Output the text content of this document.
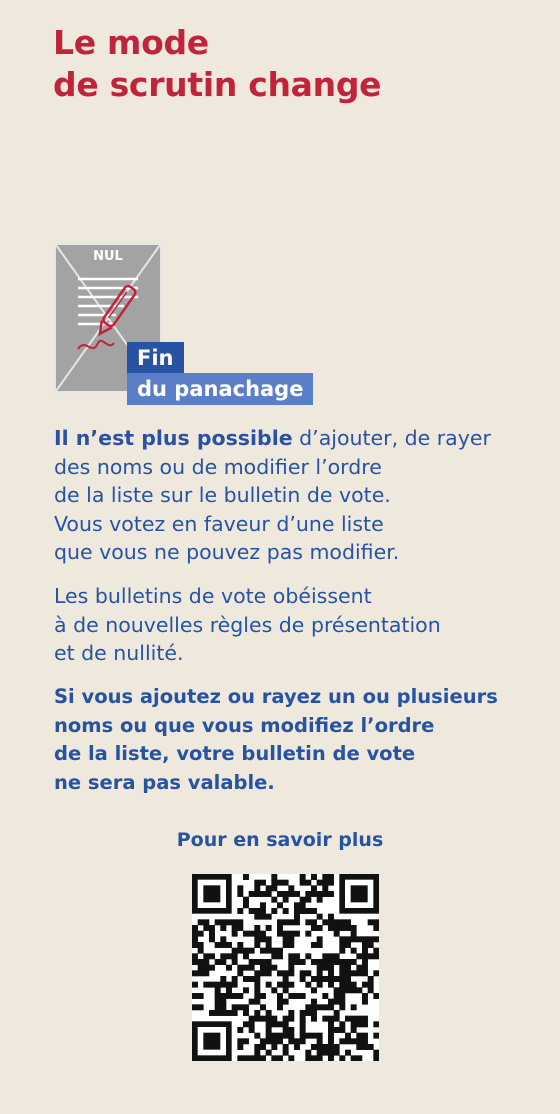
Le mode
de scrutin change
NUL
Fin
du panachage

Il n’est plus possible d’ajouter, de rayer
des noms ou de modifier l’ordre
de la liste sur le bulletin de vote.
Vous votez en faveur d’une liste
que vous ne pouvez pas modifier.

Les bulletins de vote obéissent
à de nouvelles règles de présentation
et de nullité.

Si vous ajoutez ou rayez un ou plusieurs
noms ou que vous modifiez l’ordre
de la liste, votre bulletin de vote
ne sera pas valable.

Pour en savoir plus
